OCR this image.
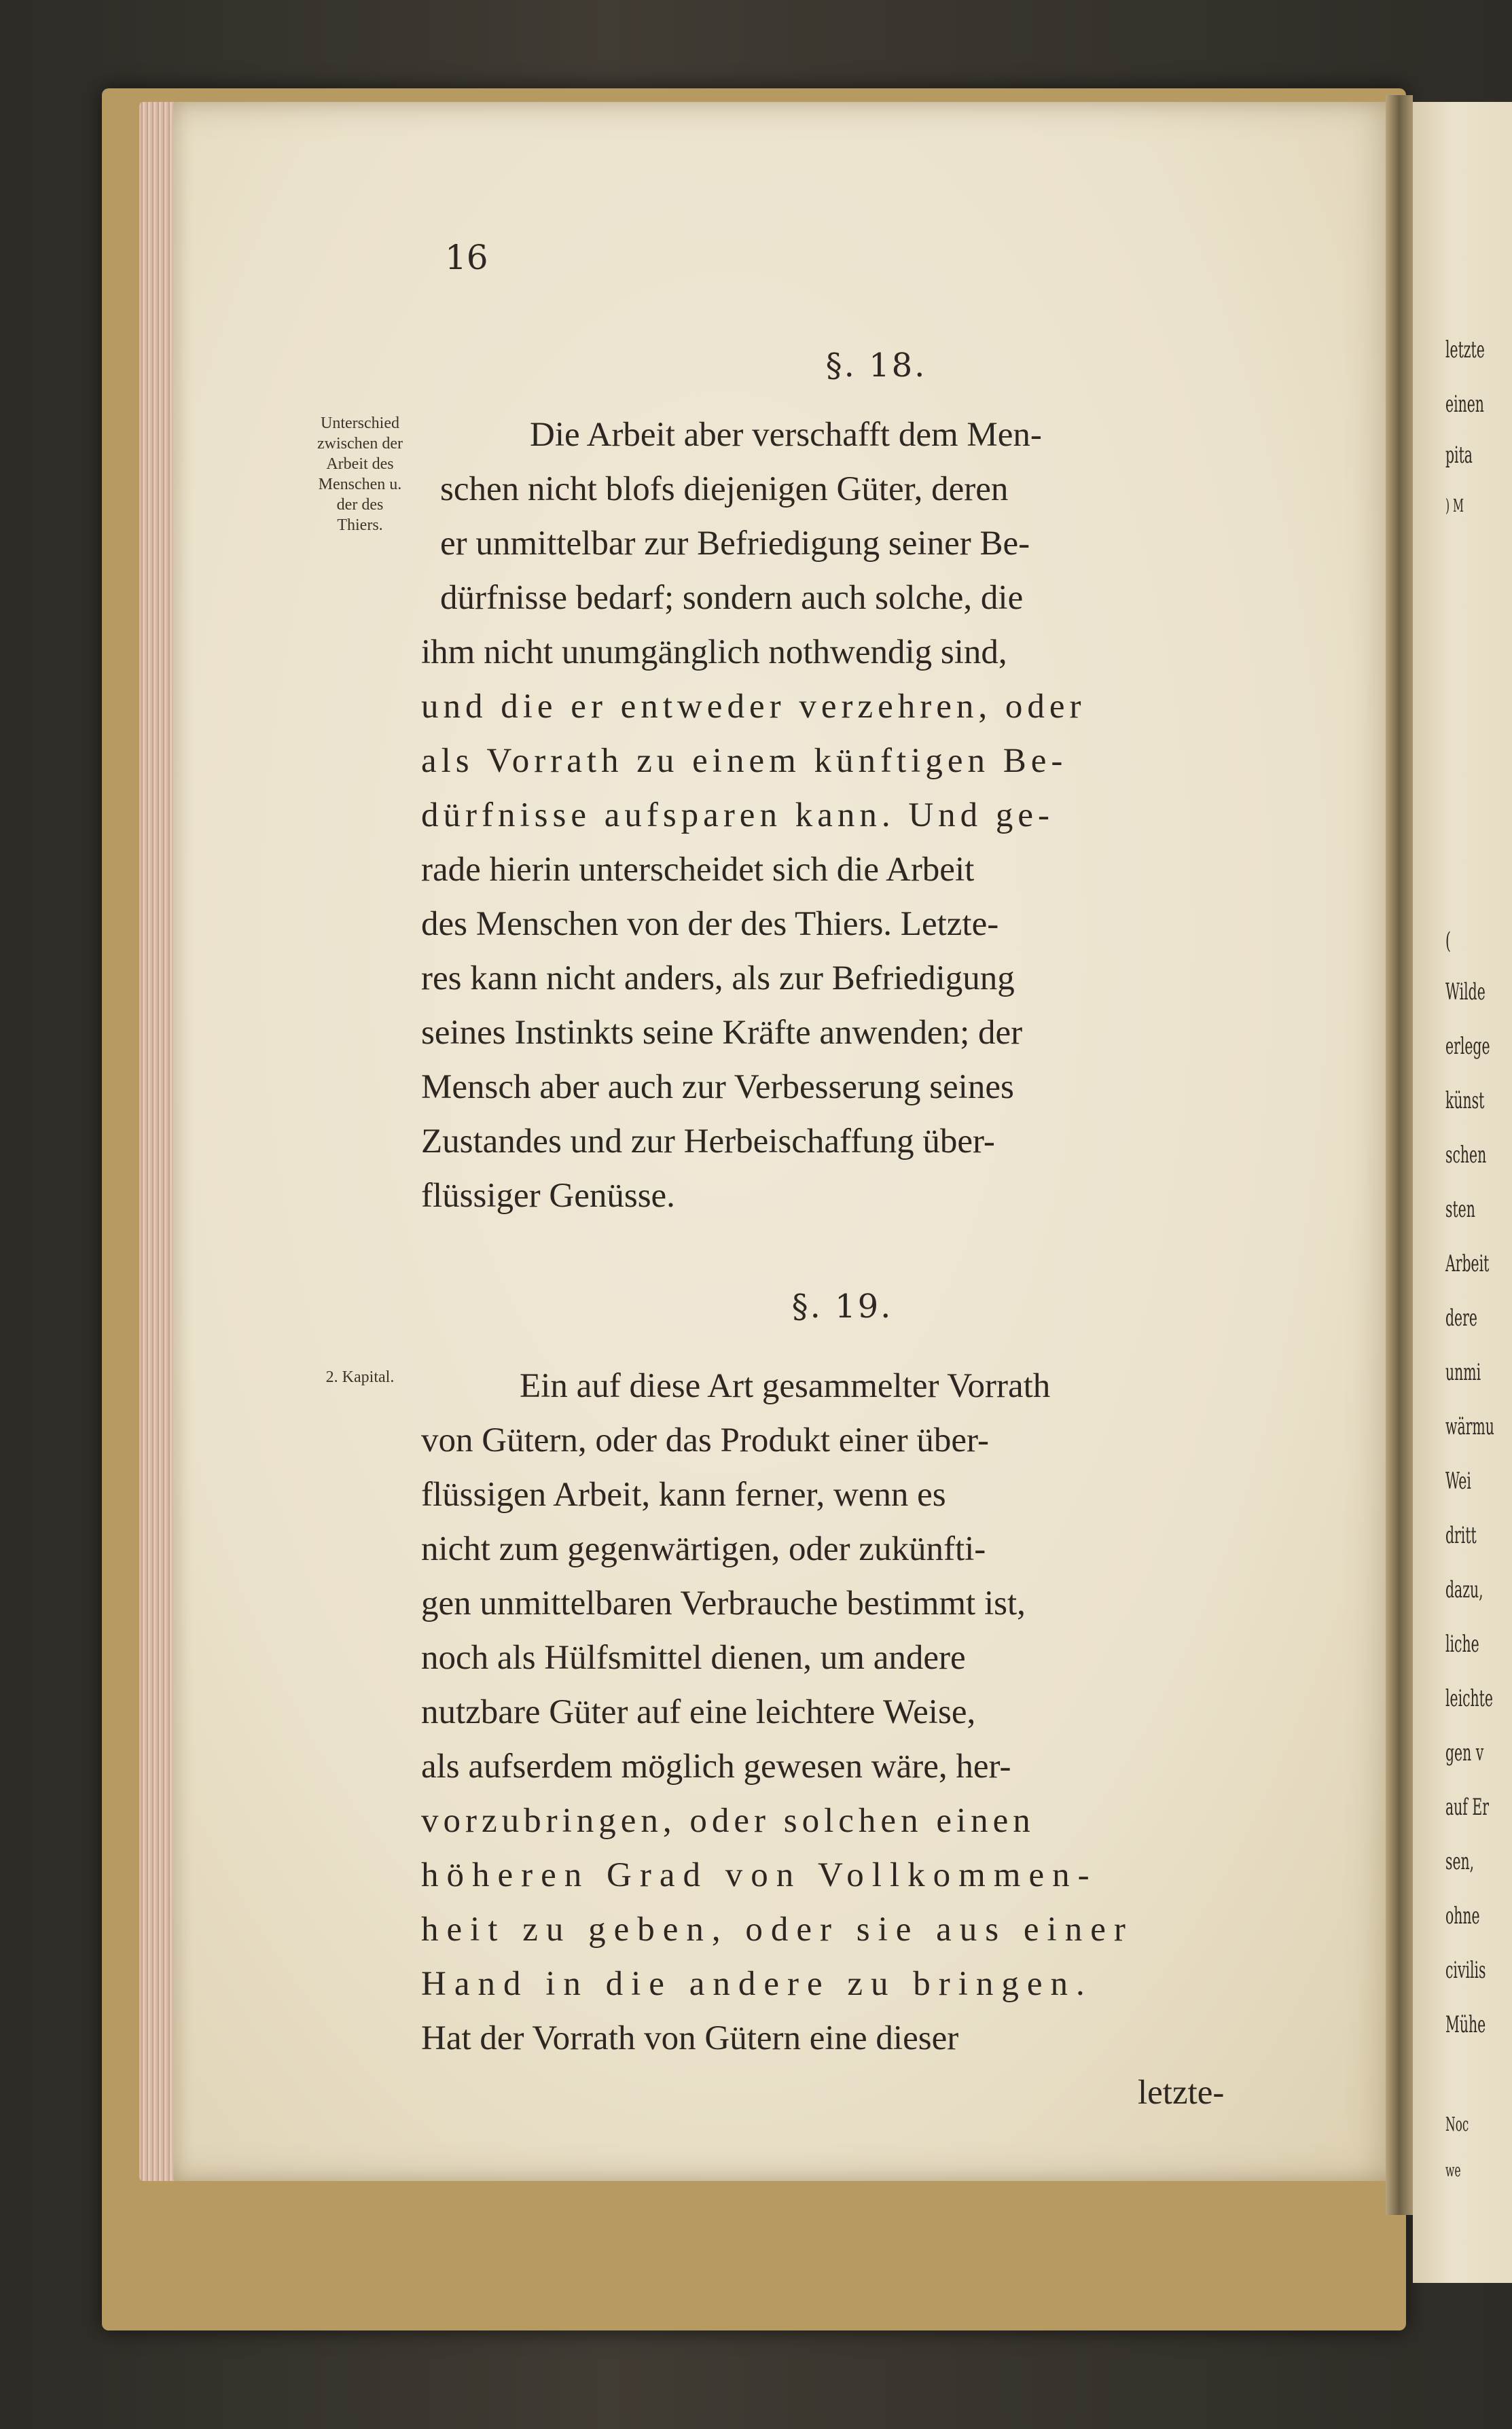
letzte
einen
pita
) M
(
Wilde
erlege
künst
schen
sten
Arbeit
dere
unmi
wärmu
Wei
dritt
dazu,
liche
leichte
gen v
auf Er
sen,
ohne
civilis
Mühe
Noc
we
16
§. 18.
Unterschied
zwischen der
Arbeit des
Menschen u.
der des
Thiers.
Die Arbeit aber verschafft dem Men-
schen nicht blofs diejenigen Güter, deren
er unmittelbar zur Befriedigung seiner Be-
dürfnisse bedarf; sondern auch solche, die
ihm nicht unumgänglich nothwendig sind,
und die er entweder verzehren, oder
als Vorrath zu einem künftigen Be-
dürfnisse aufsparen kann. Und ge-
rade hierin unterscheidet sich die Arbeit
des Menschen von der des Thiers. Letzte-
res kann nicht anders, als zur Befriedigung
seines Instinkts seine Kräfte anwenden; der
Mensch aber auch zur Verbesserung seines
Zustandes und zur Herbeischaffung über-
flüssiger Genüsse.
§. 19.
2. Kapital.	Ein auf diese Art gesammelter Vorrath
von Gütern, oder das Produkt einer über-
flüssigen Arbeit, kann ferner, wenn es
nicht zum gegenwärtigen, oder zukünfti-
gen unmittelbaren Verbrauche bestimmt ist,
noch als Hülfsmittel dienen, um andere
nutzbare Güter auf eine leichtere Weise,
als aufserdem möglich gewesen wäre, her-
vorzubringen, oder solchen einen
höheren Grad von Vollkommen-
heit zu geben, oder sie aus einer
Hand in die andere zu bringen.
Hat der Vorrath von Gütern eine dieser
letzte-
